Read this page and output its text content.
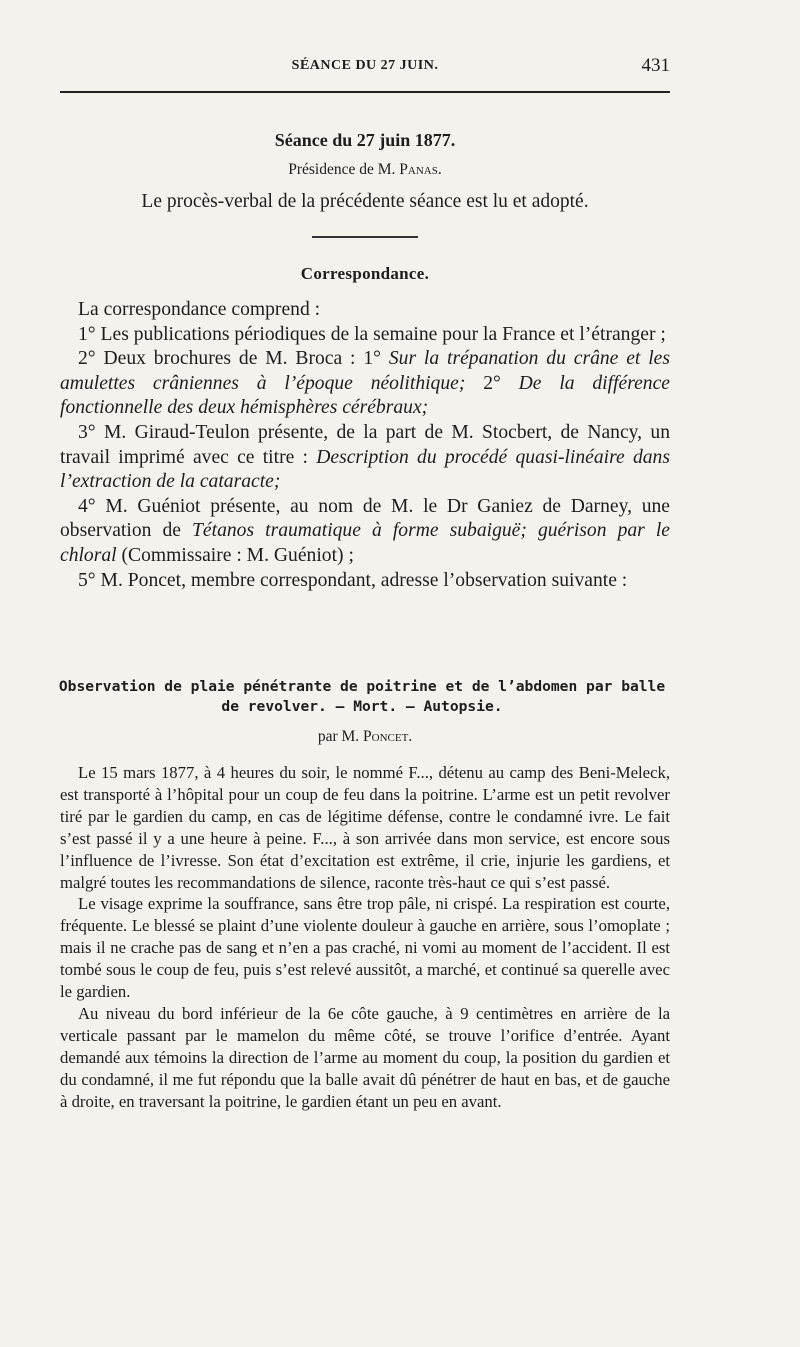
SÉANCE DU 27 JUIN.	431
Séance du 27 juin 1877.
Présidence de M. Panas.
Le procès-verbal de la précédente séance est lu et adopté.
Correspondance.

La correspondance comprend :

1° Les publications périodiques de la semaine pour la France et l’étranger ;

2° Deux brochures de M. Broca : 1° Sur la trépanation du crâne et les amulettes crâniennes à l’époque néolithique; 2° De la différence fonctionnelle des deux hémisphères cérébraux;

3° M. Giraud-Teulon présente, de la part de M. Stocbert, de Nancy, un travail imprimé avec ce titre : Description du procédé quasi-linéaire dans l’extraction de la cataracte;

4° M. Guéniot présente, au nom de M. le Dr Ganiez de Darney, une observation de Tétanos traumatique à forme subaiguë; guérison par le chloral (Commissaire : M. Guéniot) ;

5° M. Poncet, membre correspondant, adresse l’observation suivante :

Observation de plaie pénétrante de poitrine et de l’abdomen par balle
de revolver. — Mort. — Autopsie.
par M. Poncet.

Le 15 mars 1877, à 4 heures du soir, le nommé F..., détenu au camp des Beni-Meleck, est transporté à l’hôpital pour un coup de feu dans la poitrine. L’arme est un petit revolver tiré par le gardien du camp, en cas de légitime défense, contre le condamné ivre. Le fait s’est passé il y a une heure à peine. F..., à son arrivée dans mon service, est encore sous l’influence de l’ivresse. Son état d’excitation est extrême, il crie, injurie les gardiens, et malgré toutes les recommandations de silence, raconte très-haut ce qui s’est passé.

Le visage exprime la souffrance, sans être trop pâle, ni crispé. La respiration est courte, fréquente. Le blessé se plaint d’une violente douleur à gauche en arrière, sous l’omoplate ; mais il ne crache pas de sang et n’en a pas craché, ni vomi au moment de l’accident. Il est tombé sous le coup de feu, puis s’est relevé aussitôt, a marché, et continué sa querelle avec le gardien.

Au niveau du bord inférieur de la 6e côte gauche, à 9 centimètres en arrière de la verticale passant par le mamelon du même côté, se trouve l’orifice d’entrée. Ayant demandé aux témoins la direction de l’arme au moment du coup, la position du gardien et du condamné, il me fut répondu que la balle avait dû pénétrer de haut en bas, et de gauche à droite, en traversant la poitrine, le gardien étant un peu en avant.
